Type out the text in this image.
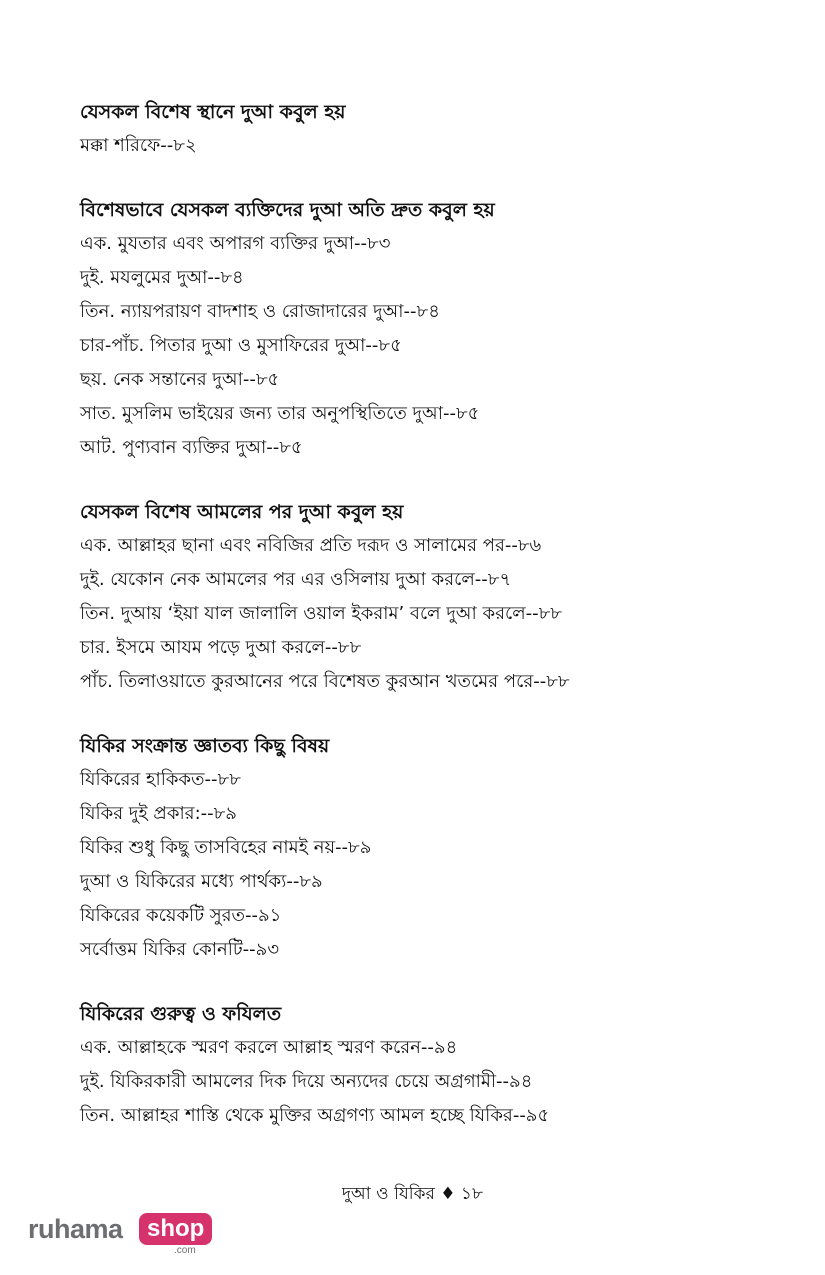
যেসকল বিশেষ স্থানে দুআ কবুল হয়
মক্কা শরিফে--৮২
বিশেষভাবে যেসকল ব্যক্তিদের দুআ অতি দ্রুত কবুল হয়
এক. মুযতার এবং অপারগ ব্যক্তির দুআ--৮৩
দুই. মযলুমের দুআ--৮৪
তিন. ন্যায়পরায়ণ বাদশাহ ও রোজাদারের দুআ--৮৪
চার-পাঁচ. পিতার দুআ ও মুসাফিরের দুআ--৮৫
ছয়. নেক সন্তানের দুআ--৮৫
সাত. মুসলিম ভাইয়ের জন্য তার অনুপস্থিতিতে দুআ--৮৫
আট. পুণ্যবান ব্যক্তির দুআ--৮৫
যেসকল বিশেষ আমলের পর দুআ কবুল হয়
এক. আল্লাহর ছানা এবং নবিজির প্রতি দরূদ ও সালামের পর--৮৬
দুই. যেকোন নেক আমলের পর এর ওসিলায় দুআ করলে--৮৭
তিন. দুআয় ‘ইয়া যাল জালালি ওয়াল ইকরাম’ বলে দুআ করলে--৮৮
চার. ইসমে আযম পড়ে দুআ করলে--৮৮
পাঁচ. তিলাওয়াতে কুরআনের পরে বিশেষত কুরআন খতমের পরে--৮৮
যিকির সংক্রান্ত জ্ঞাতব্য কিছু বিষয়
যিকিরের হাকিকত--৮৮
যিকির দুই প্রকার:--৮৯
যিকির শুধু কিছু তাসবিহের নামই নয়--৮৯
দুআ ও যিকিরের মধ্যে পার্থক্য--৮৯
যিকিরের কয়েকটি সুরত--৯১
সর্বোত্তম যিকির কোনটি--৯৩
যিকিরের গুরুত্ব ও ফযিলত
এক. আল্লাহকে স্মরণ করলে আল্লাহ স্মরণ করেন--৯৪
দুই. যিকিরকারী আমলের দিক দিয়ে অন্যদের চেয়ে অগ্রগামী--৯৪
তিন. আল্লাহর শাস্তি থেকে মুক্তির অগ্রগণ্য আমল হচ্ছে যিকির--৯৫
দুআ ও যিকির ♦ ১৮
ruhama	shop
.com
